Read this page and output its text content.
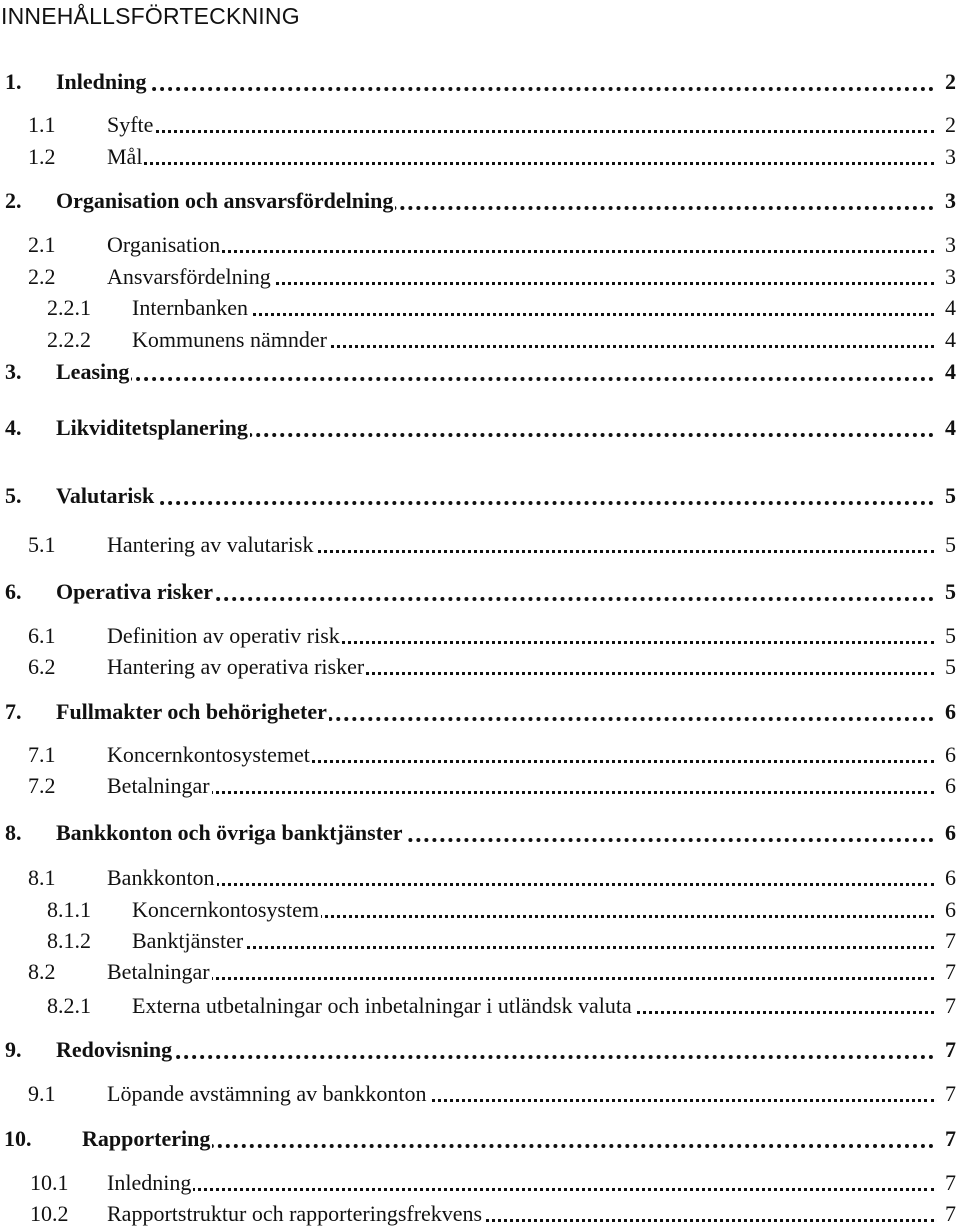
INNEHÅLLSFÖRTECKNING
1. Inledning	2
1.1 Syfte	2
1.2 Mål	3
2. Organisation och ansvarsfördelning	3
2.1 Organisation	3
2.2 Ansvarsfördelning	3
2.2.1 Internbanken	4
2.2.2 Kommunens nämnder	4
3. Leasing	4
4. Likviditetsplanering	4
5. Valutarisk	5
5.1 Hantering av valutarisk	5
6. Operativa risker	5
6.1 Definition av operativ risk	5
6.2 Hantering av operativa risker	5
7. Fullmakter och behörigheter	6
7.1 Koncernkontosystemet	6
7.2 Betalningar	6
8. Bankkonton och övriga banktjänster	6
8.1 Bankkonton	6
8.1.1 Koncernkontosystem	6
8.1.2 Banktjänster	7
8.2 Betalningar	7
8.2.1 Externa utbetalningar och inbetalningar i utländsk valuta	7
9. Redovisning	7
9.1 Löpande avstämning av bankkonton	7
10. Rapportering	7
10.1 Inledning	7
10.2 Rapportstruktur och rapporteringsfrekvens	7
